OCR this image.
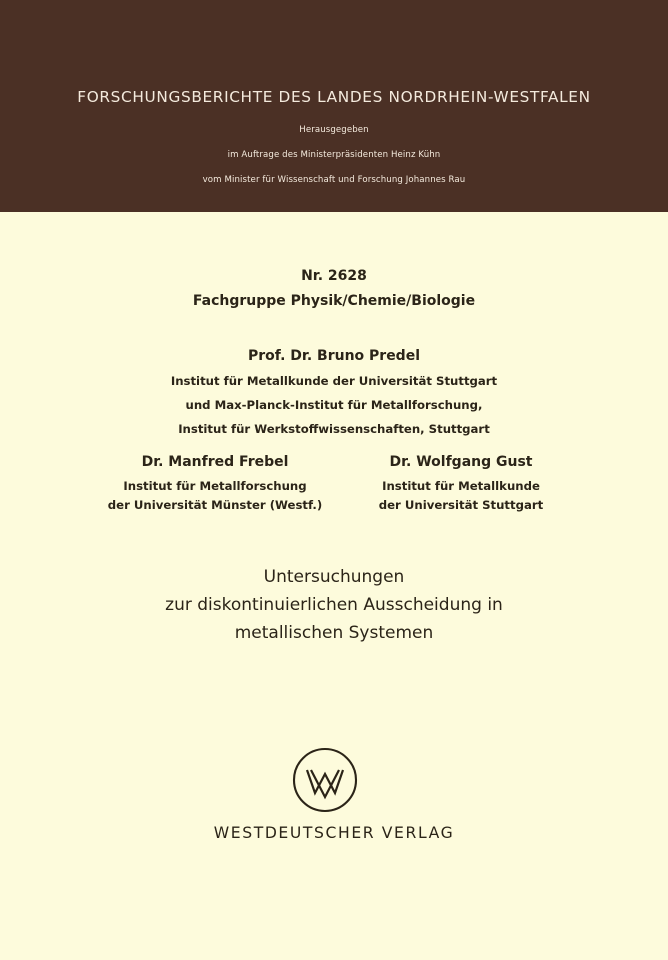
FORSCHUNGSBERICHTE DES LANDES NORDRHEIN-WESTFALEN
Herausgegeben
im Auftrage des Ministerpräsidenten Heinz Kühn
vom Minister für Wissenschaft und Forschung Johannes Rau
Nr. 2628
Fachgruppe Physik/Chemie/Biologie
Prof. Dr. Bruno Predel
Institut für Metallkunde der Universität Stuttgart
und Max-Planck-Institut für Metallforschung,
Institut für Werkstoffwissenschaften, Stuttgart
Dr. Manfred Frebel
Institut für Metallforschung
der Universität Münster (Westf.)
Dr. Wolfgang Gust
Institut für Metallkunde
der Universität Stuttgart
Untersuchungen
zur diskontinuierlichen Ausscheidung in
metallischen Systemen
WESTDEUTSCHER VERLAG
